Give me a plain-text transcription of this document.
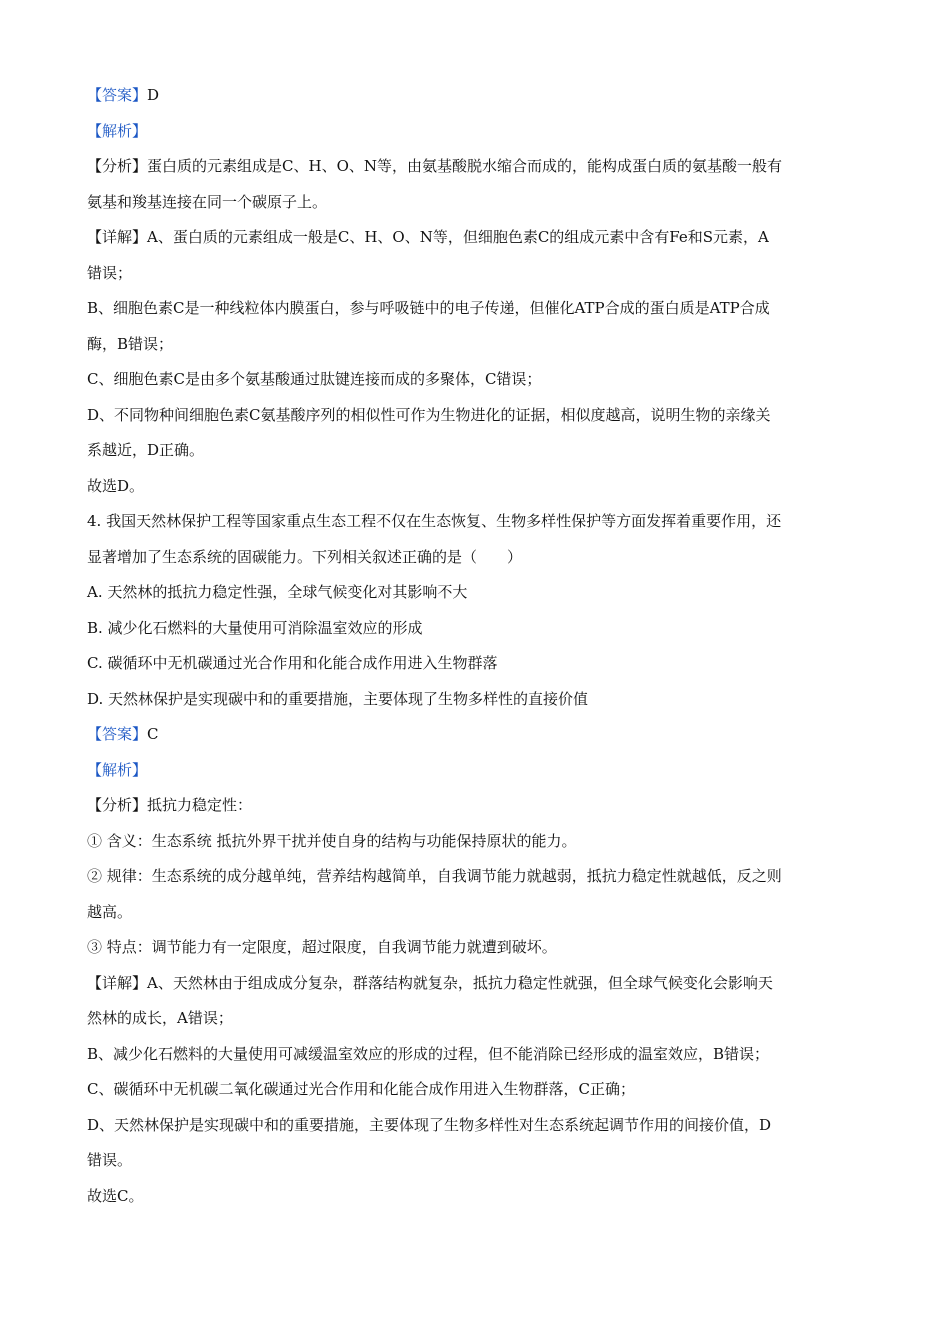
【答案】D

【解析】

【分析】蛋白质的元素组成是C、H、O、N等，由氨基酸脱水缩合而成的，能构成蛋白质的氨基酸一般有

氨基和羧基连接在同一个碳原子上。

【详解】A、蛋白质的元素组成一般是C、H、O、N等，但细胞色素C的组成元素中含有Fe和S元素，A

错误；

B、细胞色素C是一种线粒体内膜蛋白，参与呼吸链中的电子传递，但催化ATP合成的蛋白质是ATP合成

酶，B错误；

C、细胞色素C是由多个氨基酸通过肽键连接而成的多聚体，C错误；

D、不同物种间细胞色素C氨基酸序列的相似性可作为生物进化的证据，相似度越高，说明生物的亲缘关

系越近，D正确。

故选D。

4. 我国天然林保护工程等国家重点生态工程不仅在生态恢复、生物多样性保护等方面发挥着重要作用，还

显著增加了生态系统的固碳能力。下列相关叙述正确的是（　　）

A. 天然林的抵抗力稳定性强，全球气候变化对其影响不大

B. 减少化石燃料的大量使用可消除温室效应的形成

C. 碳循环中无机碳通过光合作用和化能合成作用进入生物群落

D. 天然林保护是实现碳中和的重要措施，主要体现了生物多样性的直接价值

【答案】C

【解析】

【分析】抵抗力稳定性：

① 含义：生态系统 抵抗外界干扰并使自身的结构与功能保持原状的能力。

② 规律：生态系统的成分越单纯，营养结构越简单，自我调节能力就越弱，抵抗力稳定性就越低，反之则

越高。

③ 特点：调节能力有一定限度，超过限度，自我调节能力就遭到破坏。

【详解】A、天然林由于组成成分复杂，群落结构就复杂，抵抗力稳定性就强，但全球气候变化会影响天

然林的成长，A错误；

B、减少化石燃料的大量使用可减缓温室效应的形成的过程，但不能消除已经形成的温室效应，B错误；

C、碳循环中无机碳二氧化碳通过光合作用和化能合成作用进入生物群落，C正确；

D、天然林保护是实现碳中和的重要措施，主要体现了生物多样性对生态系统起调节作用的间接价值，D

错误。

故选C。
